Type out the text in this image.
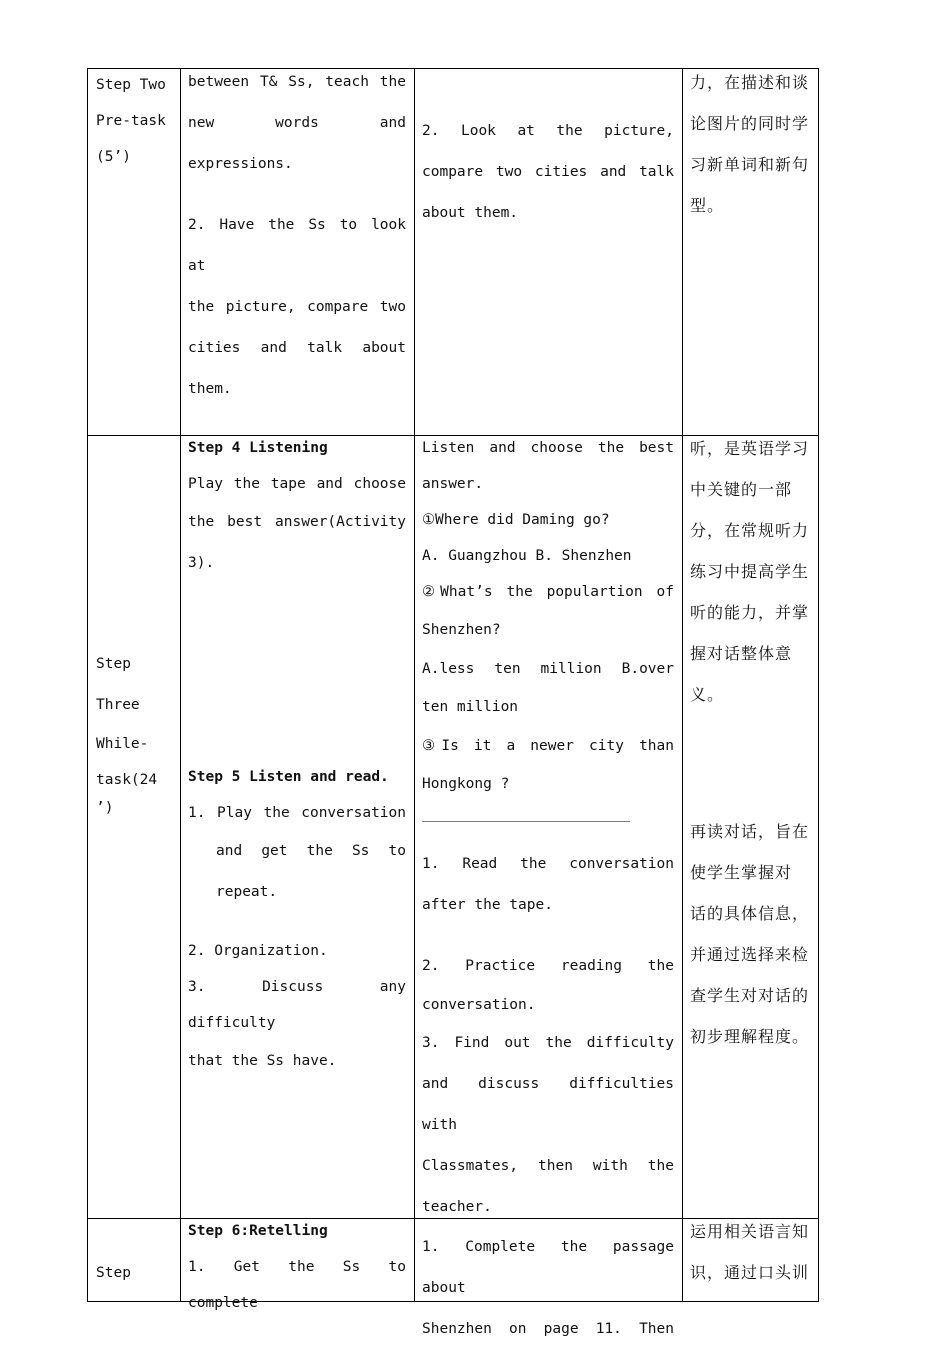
Step Two

Pre-task

(5’)

between T& Ss, teach the

new words and

expressions.

2. Have the Ss to look at

the picture, compare two

cities and talk about

them.

2. Look at the picture,

compare two cities and talk

about them.

力，在描述和谈

论图片的同时学

习新单词和新句

型。

Step

Three

While-

task(24

’)

Step 4 Listening

Play the tape and choose

the best answer(Activity

3).

Step 5 Listen and read.

1. Play the conversation

and get the Ss to

repeat.

2. Organization.

3. Discuss any difficulty

that the Ss have.

Listen and choose the best

answer.

①Where did Daming go?

A. Guangzhou B. Shenzhen

②What’s the populartion of

Shenzhen?

A.less ten million B.over

ten million

③Is it a newer city than

Hongkong ?

1. Read the conversation

after the tape.

2. Practice reading the

conversation.

3. Find out the difficulty

and discuss difficulties with

Classmates, then with the

teacher.

听，是英语学习

中关键的一部

分，在常规听力

练习中提高学生

听的能力，并掌

握对话整体意

义。

再读对话，旨在

使学生掌握对

话的具体信息，

并通过选择来检

查学生对对话的

初步理解程度。

Step

Step 6:Retelling

1. Get the Ss to complete

1. Complete the passage about

Shenzhen on page 11. Then

运用相关语言知

识，通过口头训
